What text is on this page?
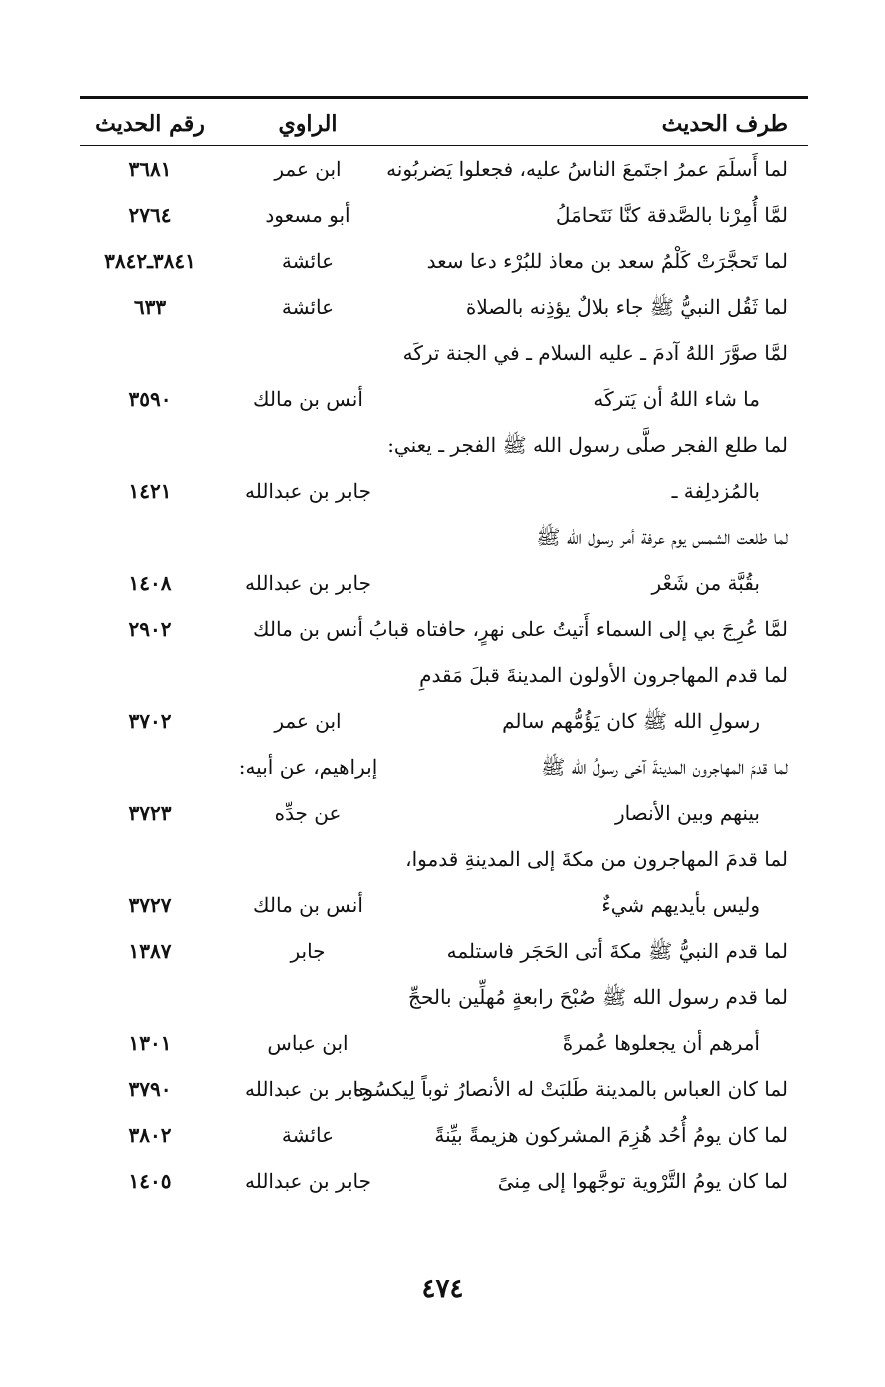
طرف الحديث
الراوي
رقم الحديث
لما أَسلَمَ عمرُ اجتَمعَ الناسُ عليه، فجعلوا يَضربُونه
ابن عمر
٣٦٨١
لمَّا أُمِرْنا بالصَّدقة كنَّا نَتَحامَلُ
أبو مسعود
٢٧٦٤
لما تَحجَّرَتْ كَلْمُ سعد بن معاذ للبُرْء دعا سعد
عائشة
٣٨٤١ـ٣٨٤٢
لما ثَقُل النبيُّ ﷺ جاء بلالٌ يؤذِنه بالصلاة
عائشة
٦٣٣
لمَّا صوَّرَ اللهُ آدمَ ـ عليه السلام ـ في الجنة تركَه
ما شاء اللهُ أن يَتركَه
أنس بن مالك
٣٥٩٠
لما طلع الفجر صلَّى رسول الله ﷺ الفجر ـ يعني:
بالمُزدلِفة ـ
جابر بن عبدالله
١٤٢١
لما طلعت الشمس يوم عرفة أمر رسول الله ﷺ
بقُبَّة من شَعْر
جابر بن عبدالله
١٤٠٨
لمَّا عُرِجَ بي إلى السماء أَتيتُ على نهرٍ، حافتاه قبابُ
أنس بن مالك
٢٩٠٢
لما قدم المهاجرون الأولون المدينةَ قبلَ مَقدمِ
رسولِ الله ﷺ كان يَؤُمُّهم سالم
ابن عمر
٣٧٠٢
لما قدمَ المهاجرون المدينةَ آخى رسولُ الله ﷺ
إبراهيم، عن أبيه:
بينهم وبين الأنصار
عن جدِّه
٣٧٢٣
لما قدمَ المهاجرون من مكةَ إلى المدينةِ قدموا،
وليس بأيديهم شيءٌ
أنس بن مالك
٣٧٢٧
لما قدم النبيُّ ﷺ مكةَ أتى الحَجَر فاستلمه
جابر
١٣٨٧
لما قدم رسول الله ﷺ صُبْحَ رابعةٍ مُهلِّين بالحجِّ
أمرهم أن يجعلوها عُمرةً
ابن عباس
١٣٠١
لما كان العباس بالمدينة طَلبَتْ له الأنصارُ ثوباً لِيكسُوه
جابر بن عبدالله
٣٧٩٠
لما كان يومُ أُحُد هُزِمَ المشركون هزيمةً بيِّنةً
عائشة
٣٨٠٢
لما كان يومُ التَّرْوية توجَّهوا إلى مِنىً
جابر بن عبدالله
١٤٠٥
٤٧٤
